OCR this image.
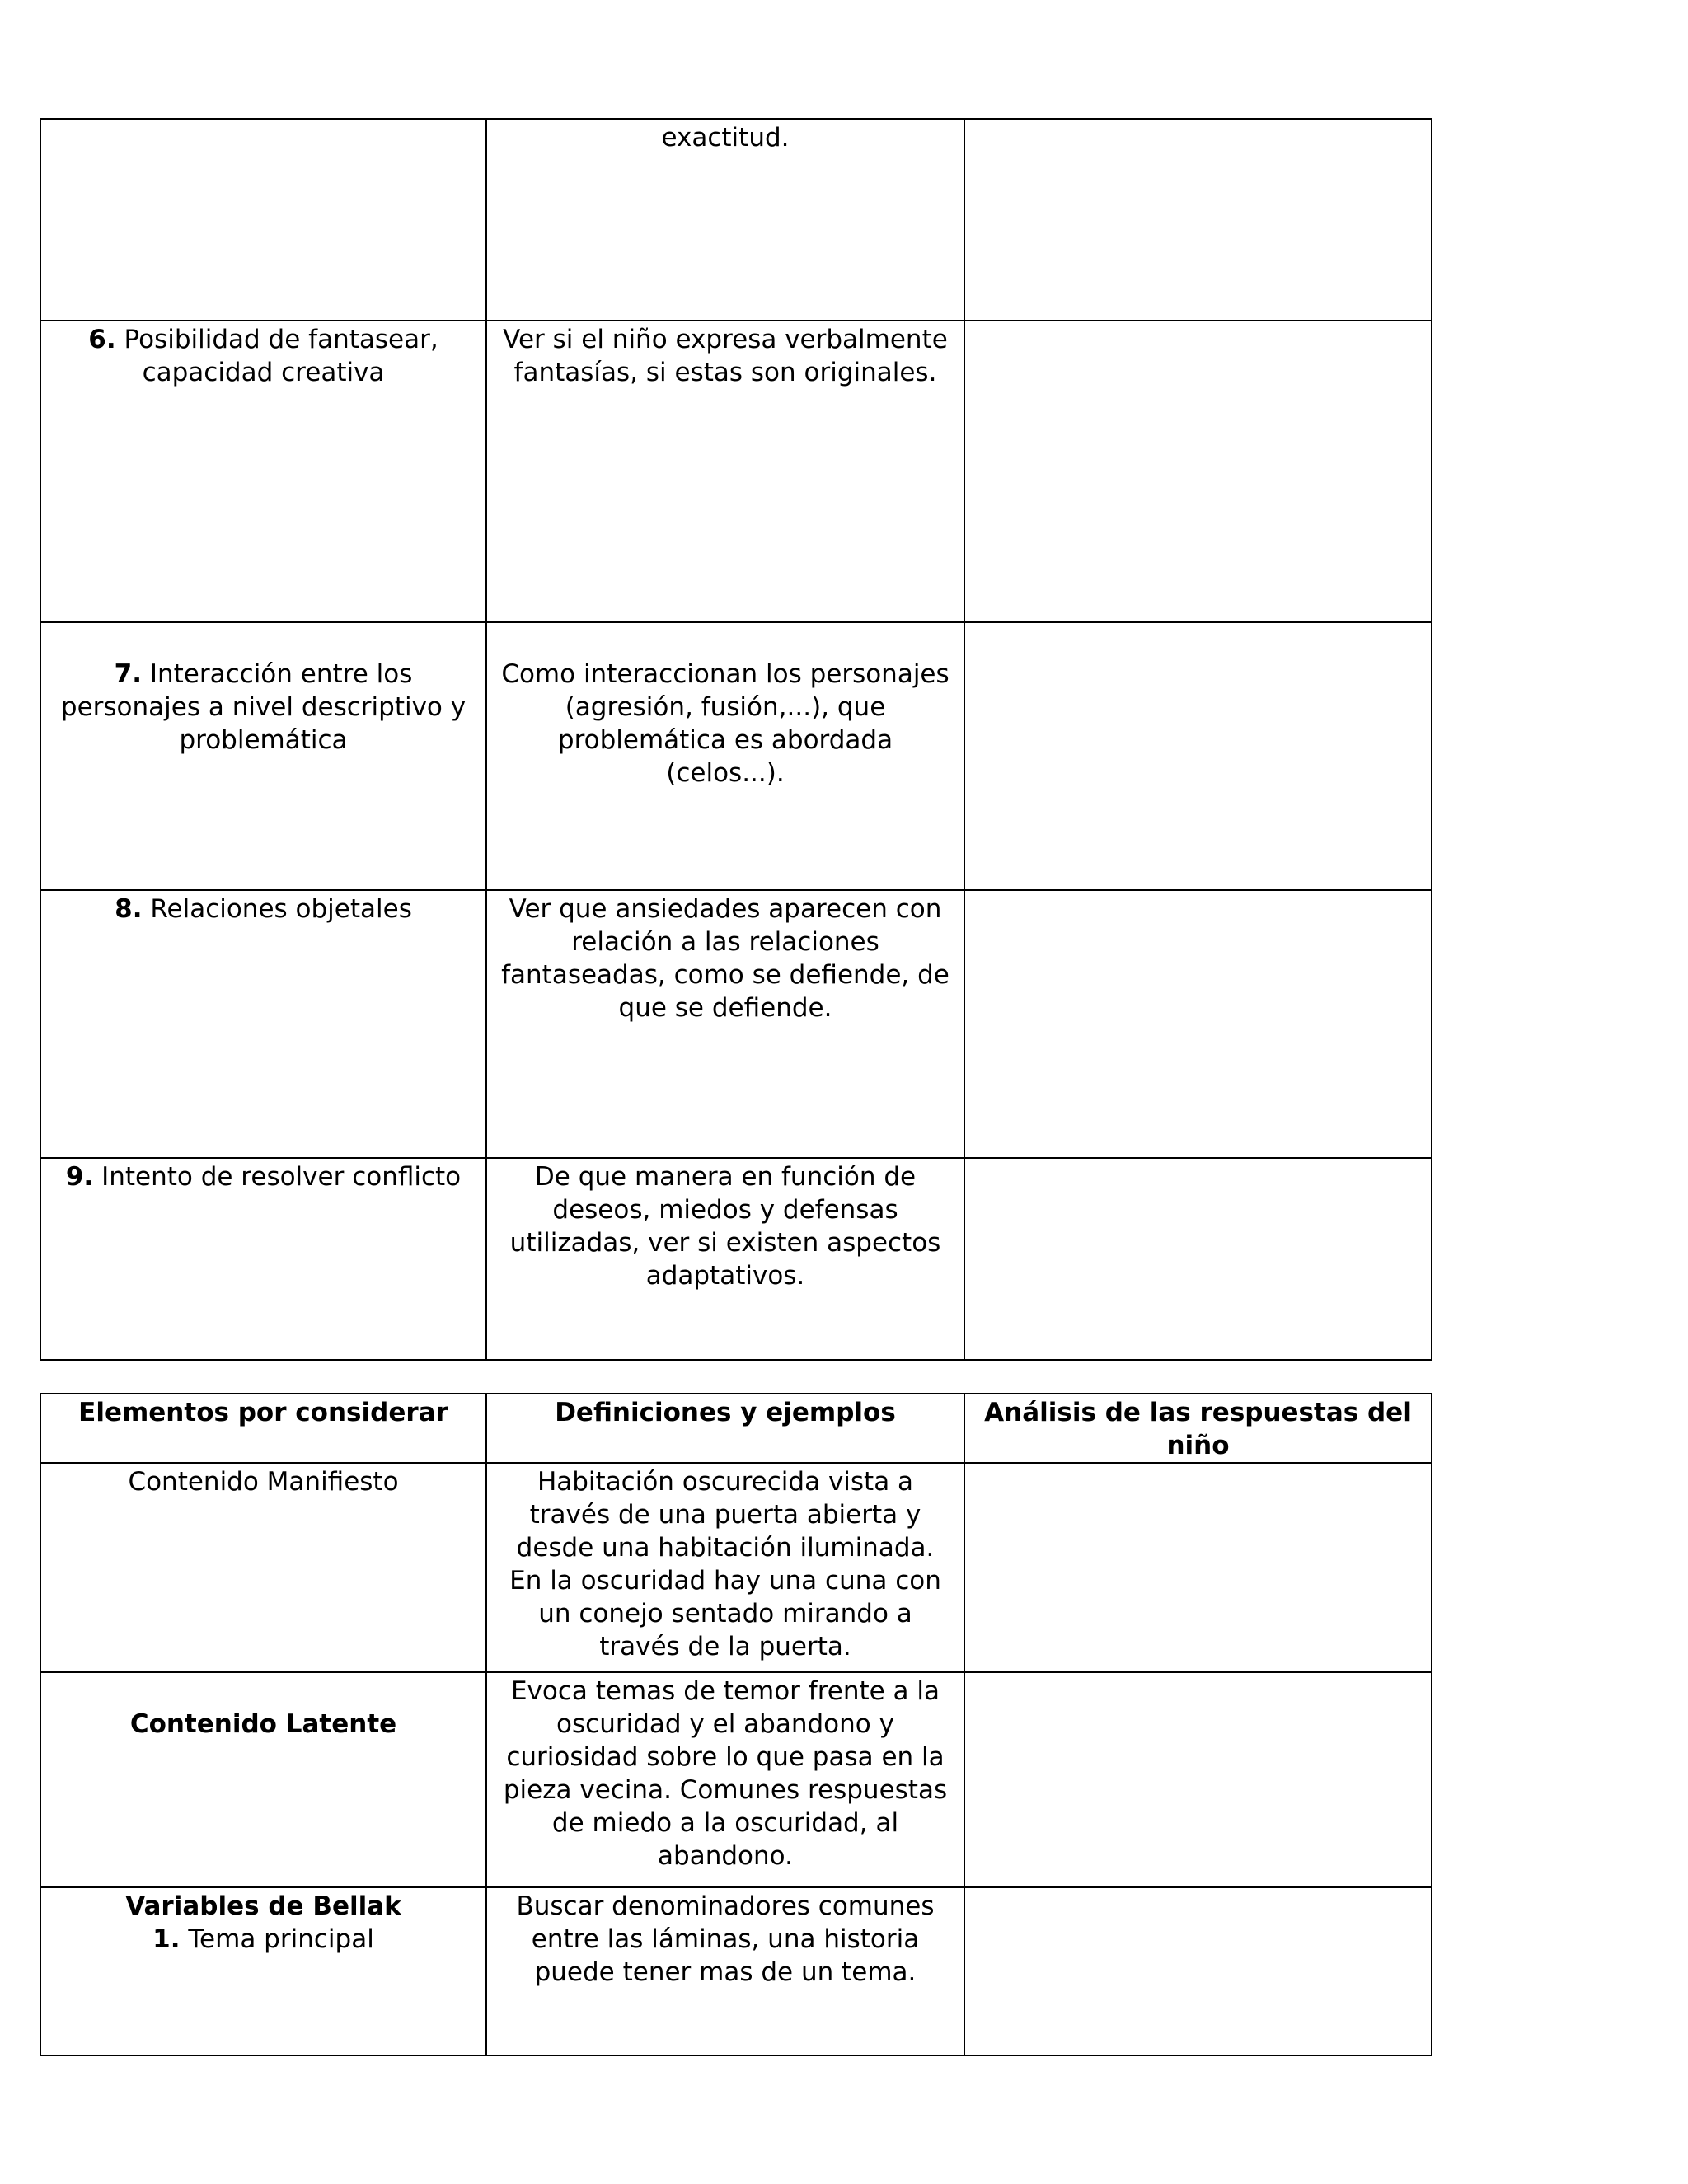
	exactitud.	
6. Posibilidad de fantasear, capacidad creativa	Ver si el niño expresa verbalmente fantasías, si estas son originales.	
7. Interacción entre los personajes a nivel descriptivo y problemática	Como interaccionan los personajes (agresión, fusión,...), que problemática es abordada (celos...).	
8. Relaciones objetales	Ver que ansiedades aparecen con relación a las relaciones fantaseadas, como se defiende, de que se defiende.	
9. Intento de resolver conflicto	De que manera en función de deseos, miedos y defensas utilizadas, ver si existen aspectos adaptativos.	
Elementos por considerar	Definiciones y ejemplos	Análisis de las respuestas del niño
Contenido Manifiesto	Habitación oscurecida vista a través de una puerta abierta y desde una habitación iluminada. En la oscuridad hay una cuna con un conejo sentado mirando a través de la puerta.	
Contenido Latente	Evoca temas de temor frente a la oscuridad y el abandono y curiosidad sobre lo que pasa en la pieza vecina. Comunes respuestas de miedo a la oscuridad, al abandono.	

Variables de Bellak
1. Tema principal	Buscar denominadores comunes entre las láminas, una historia puede tener mas de un tema.	
